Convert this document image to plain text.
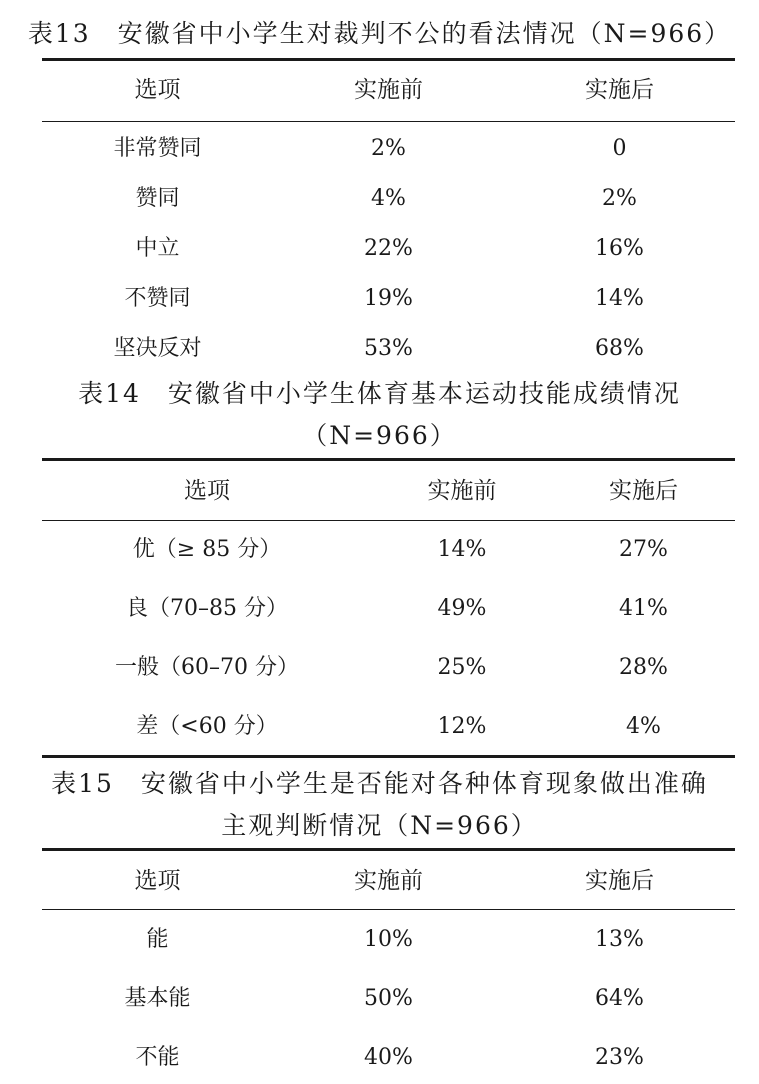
表13　安徽省中小学生对裁判不公的看法情况（N=966）
选项	实施前	实施后
非常赞同	2%	0
赞同	4%	2%
中立	22%	16%
不赞同	19%	14%
坚决反对	53%	68%
表14　安徽省中小学生体育基本运动技能成绩情况
（N=966）
选项	实施前	实施后
优（≥ 85 分）	14%	27%
良（70–85 分）	49%	41%
一般（60–70 分）	25%	28%
差（<60 分）	12%	4%
表15　安徽省中小学生是否能对各种体育现象做出准确
主观判断情况（N=966）
选项	实施前	实施后
能	10%	13%
基本能	50%	64%
不能	40%	23%
